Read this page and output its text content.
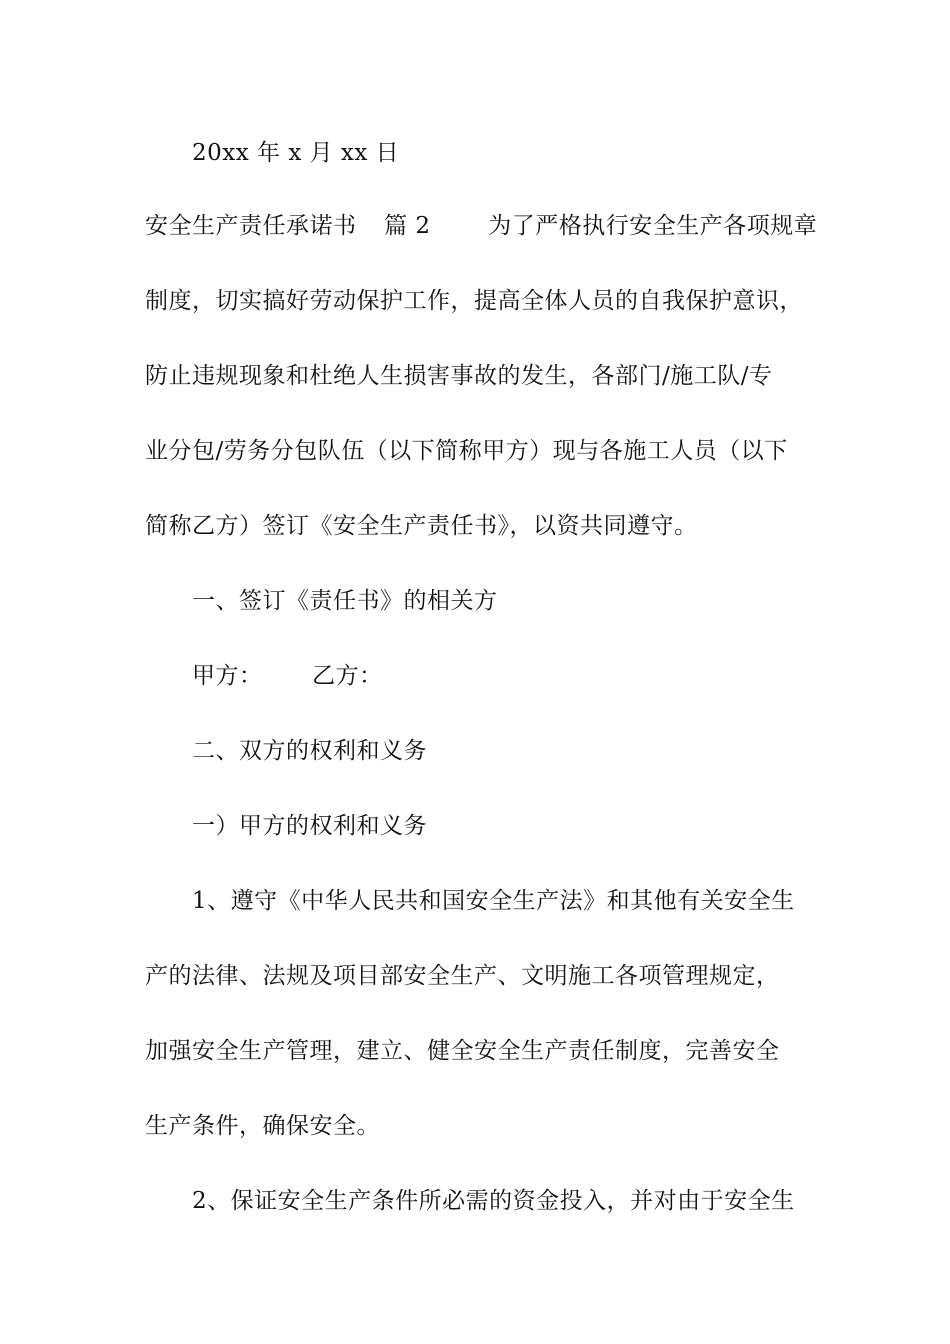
20xx 年 x 月 xx 日
安全生产责任承诺书 篇 2	为了严格执行安全生产各项规章
制度，切实搞好劳动保护工作，提高全体人员的自我保护意识，
防止违规现象和杜绝人生损害事故的发生，各部门/施工队/专
业分包/劳务分包队伍（以下简称甲方）现与各施工人员（以下
简称乙方）签订《安全生产责任书》，以资共同遵守。
一、签订《责任书》的相关方
甲方： 乙方：
二、双方的权利和义务
一）甲方的权利和义务
1、遵守《中华人民共和国安全生产法》和其他有关安全生
产的法律、法规及项目部安全生产、文明施工各项管理规定，
加强安全生产管理，建立、健全安全生产责任制度，完善安全
生产条件，确保安全。
2、保证安全生产条件所必需的资金投入，并对由于安全生
